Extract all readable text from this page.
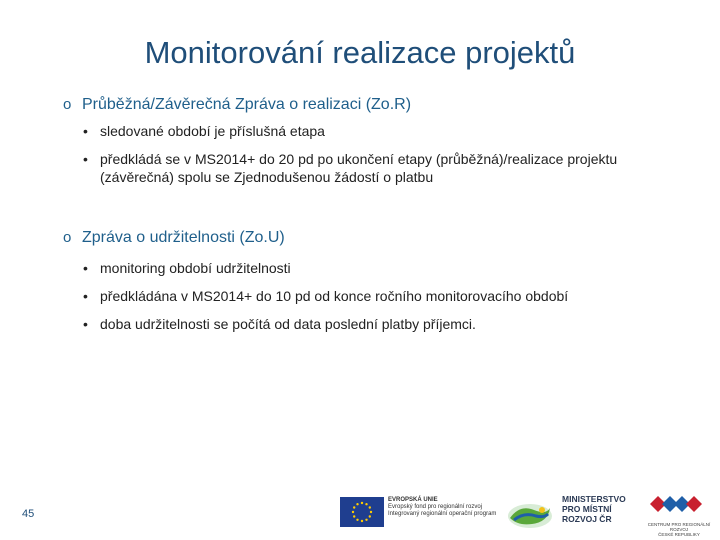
Monitorování realizace projektů
o Průběžná/Závěrečná Zpráva o realizaci (Zo.R)
• sledované období je příslušná etapa
• předkládá se v MS2014+ do 20 pd po ukončení etapy (průběžná)/realizace projektu (závěrečná) spolu se Zjednodušenou žádostí o platbu
o Zpráva o udržitelnosti (Zo.U)
• monitoring období udržitelnosti
• předkládána v MS2014+ do 10 pd od konce ročního monitorovacího období
• doba udržitelnosti se počítá od data poslední platby příjemci.
45
EVROPSKÁ UNIE
Evropský fond pro regionální rozvoj
Integrovaný regionální operační program
MINISTERSTVO
PRO MÍSTNÍ
ROZVOJ ČR
CENTRUM PRO REGIONÁLNÍ ROZVOJ
ČESKÉ REPUBLIKY
